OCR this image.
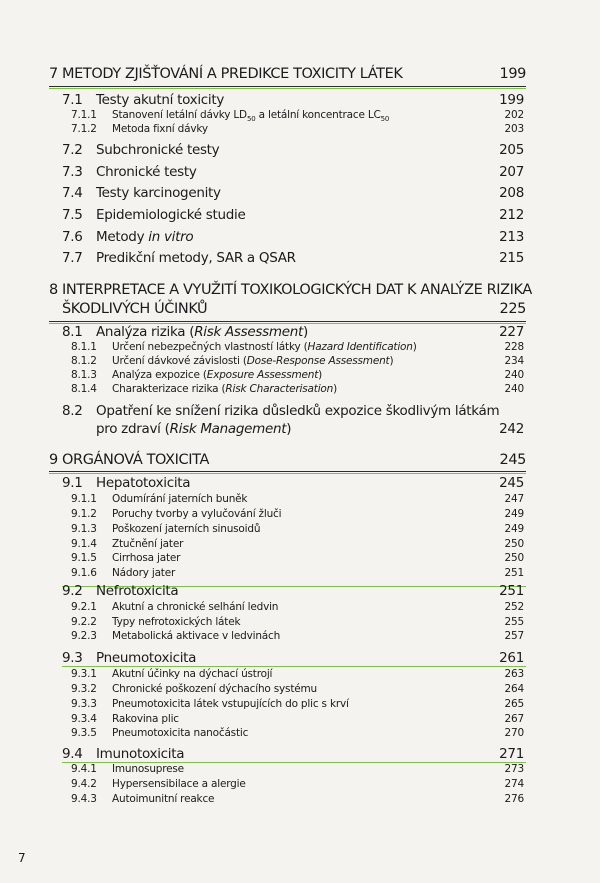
7 METODY ZJIŠŤOVÁNÍ A PREDIKCE TOXICITY LÁTEK	199
7.1 Testy akutní toxicity	199
7.1.1 Stanovení letální dávky $LD_{50}$ a letální koncentrace $LC_{50}$	202
7.1.2 Metoda fixní dávky	203
7.2 Subchronické testy	205
7.3 Chronické testy	207
7.4 Testy karcinogenity	208
7.5 Epidemiologické studie	212
7.6 Metody in vitro	213
7.7 Predikční metody, SAR a QSAR	215
8 INTERPRETACE A VYUŽITÍ TOXIKOLOGICKÝCH DAT K ANALÝZE RIZIKA
ŠKODLIVÝCH ÚČINKŮ	225
8.1 Analýza rizika (Risk Assessment)	227
8.1.1 Určení nebezpečných vlastností látky (Hazard Identification)	228
8.1.2 Určení dávkové závislosti (Dose-Response Assessment)	234
8.1.3 Analýza expozice (Exposure Assessment)	240
8.1.4 Charakterizace rizika (Risk Characterisation)	240
8.2 Opatření ke snížení rizika důsledků expozice škodlivým látkám
pro zdraví (Risk Management)	242
9 ORGÁNOVÁ TOXICITA	245
9.1 Hepatotoxicita	245
9.1.1 Odumírání jaterních buněk	247
9.1.2 Poruchy tvorby a vylučování žluči	249
9.1.3 Poškození jaterních sinusoidů	249
9.1.4 Ztučnění jater	250
9.1.5 Cirrhosa jater	250
9.1.6 Nádory jater	251
9.2 Nefrotoxicita	251
9.2.1 Akutní a chronické selhání ledvin	252
9.2.2 Typy nefrotoxických látek	255
9.2.3 Metabolická aktivace v ledvinách	257
9.3 Pneumotoxicita	261
9.3.1 Akutní účinky na dýchací ústrojí	263
9.3.2 Chronické poškození dýchacího systému	264
9.3.3 Pneumotoxicita látek vstupujících do plic s krví	265
9.3.4 Rakovina plic	267
9.3.5 Pneumotoxicita nanočástic	270
9.4 Imunotoxicita	271
9.4.1 Imunosuprese	273
9.4.2 Hypersensibilace a alergie	274
9.4.3 Autoimunitní reakce	276
7
